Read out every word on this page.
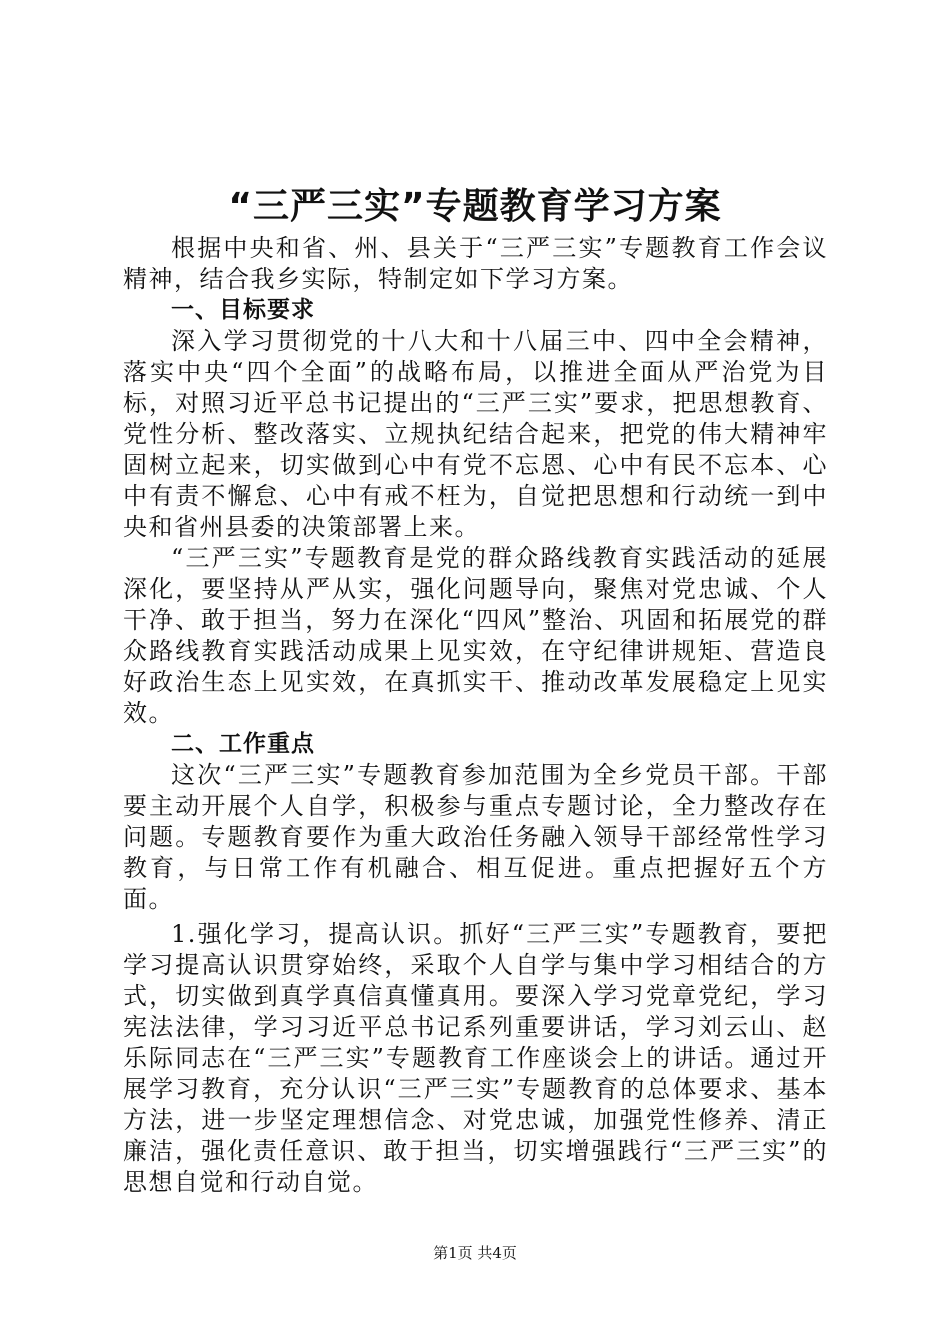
“三严三实”专题教育学习方案

根据中央和省、州、县关于“三严三实”专题教育工作会议精神，结合我乡实际，特制定如下学习方案。

一、目标要求

深入学习贯彻党的十八大和十八届三中、四中全会精神，落实中央“四个全面”的战略布局，以推进全面从严治党为目标，对照习近平总书记提出的“三严三实”要求，把思想教育、党性分析、整改落实、立规执纪结合起来，把党的伟大精神牢固树立起来，切实做到心中有党不忘恩、心中有民不忘本、心中有责不懈怠、心中有戒不枉为，自觉把思想和行动统一到中央和省州县委的决策部署上来。

“三严三实”专题教育是党的群众路线教育实践活动的延展深化，要坚持从严从实，强化问题导向，聚焦对党忠诚、个人干净、敢于担当，努力在深化“四风”整治、巩固和拓展党的群众路线教育实践活动成果上见实效，在守纪律讲规矩、营造良好政治生态上见实效，在真抓实干、推动改革发展稳定上见实效。

二、工作重点

这次“三严三实”专题教育参加范围为全乡党员干部。干部要主动开展个人自学，积极参与重点专题讨论，全力整改存在问题。专题教育要作为重大政治任务融入领导干部经常性学习教育，与日常工作有机融合、相互促进。重点把握好五个方面。

1.强化学习，提高认识。抓好“三严三实”专题教育，要把学习提高认识贯穿始终，采取个人自学与集中学习相结合的方式，切实做到真学真信真懂真用。要深入学习党章党纪，学习宪法法律，学习习近平总书记系列重要讲话，学习刘云山、赵乐际同志在“三严三实”专题教育工作座谈会上的讲话。通过开展学习教育，充分认识“三严三实”专题教育的总体要求、基本方法，进一步坚定理想信念、对党忠诚，加强党性修养、清正廉洁，强化责任意识、敢于担当，切实增强践行“三严三实”的思想自觉和行动自觉。

第1页 共4页
